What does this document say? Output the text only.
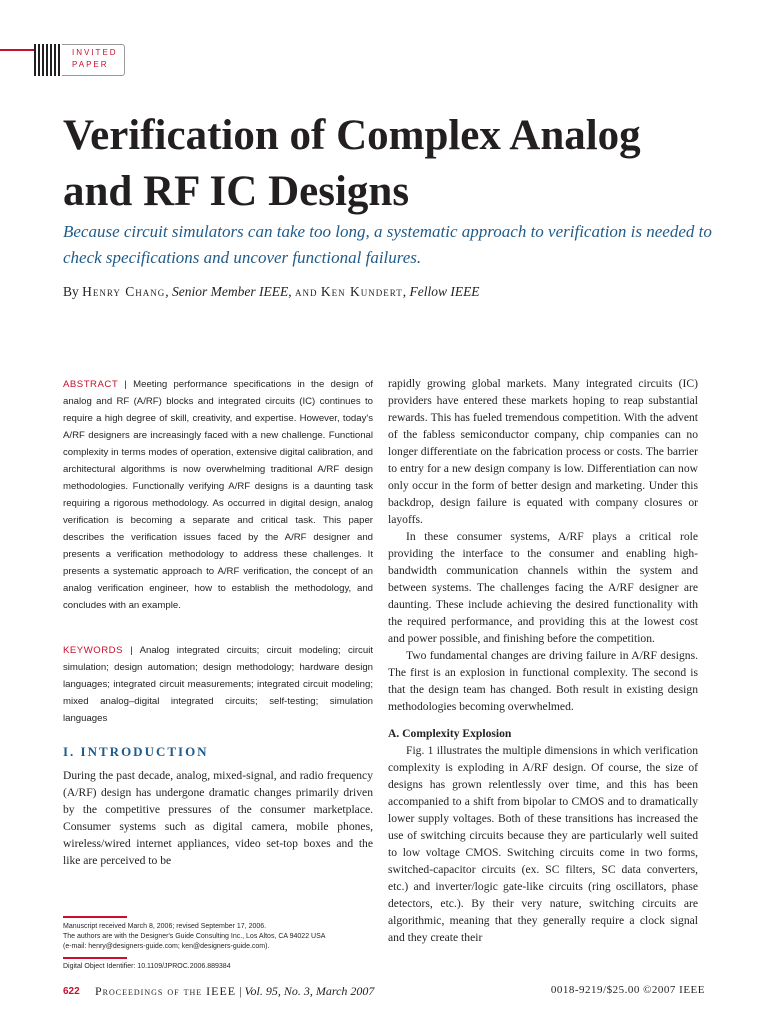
INVITED
PAPER
Verification of Complex Analog
and RF IC Designs
Because circuit simulators can take too long, a systematic approach to verification is needed to check specifications and uncover functional failures.
By Henry Chang, Senior Member IEEE, and Ken Kundert, Fellow IEEE
ABSTRACT | Meeting performance specifications in the design of analog and RF (A/RF) blocks and integrated circuits (IC) continues to require a high degree of skill, creativity, and expertise. However, today's A/RF designers are increasingly faced with a new challenge. Functional complexity in terms modes of operation, extensive digital calibration, and architectural algorithms is now overwhelming traditional A/RF design methodologies. Functionally verifying A/RF designs is a daunting task requiring a rigorous methodology. As occurred in digital design, analog verification is becoming a separate and critical task. This paper describes the verification issues faced by the A/RF designer and presents a verification methodology to address these challenges. It presents a systematic approach to A/RF verification, the concept of an analog verification engineer, how to establish the methodology, and concludes with an example.
KEYWORDS | Analog integrated circuits; circuit modeling; circuit simulation; design automation; design methodology; hardware design languages; integrated circuit measurements; integrated circuit modeling; mixed analog–digital integrated circuits; self-testing; simulation languages
I. INTRODUCTION

During the past decade, analog, mixed-signal, and radio frequency (A/RF) design has undergone dramatic changes primarily driven by the competitive pressures of the consumer marketplace. Consumer systems such as digital camera, mobile phones, wireless/wired internet appliances, video set-top boxes and the like are perceived to be

rapidly growing global markets. Many integrated circuits (IC) providers have entered these markets hoping to reap substantial rewards. This has fueled tremendous competition. With the advent of the fabless semiconductor company, chip companies can no longer differentiate on the fabrication process or costs. The barrier to entry for a new design company is low. Differentiation can now only occur in the form of better design and marketing. Under this backdrop, design failure is equated with company closures or layoffs.

In these consumer systems, A/RF plays a critical role providing the interface to the consumer and enabling high-bandwidth communication channels within the system and between systems. The challenges facing the A/RF designer are daunting. These include achieving the desired functionality with the required performance, and providing this at the lowest cost and power possible, and finishing before the competition.

Two fundamental changes are driving failure in A/RF designs. The first is an explosion in functional complexity. The second is that the design team has changed. Both result in existing design methodologies becoming overwhelmed.

A. Complexity Explosion

Fig. 1 illustrates the multiple dimensions in which verification complexity is exploding in A/RF design. Of course, the size of designs has grown relentlessly over time, and this has been accompanied to a shift from bipolar to CMOS and to dramatically lower supply voltages. Both of these transitions has increased the use of switching circuits because they are particularly well suited to low voltage CMOS. Switching circuits come in two forms, switched-capacitor circuits (ex. SC filters, SC data converters, etc.) and inverter/logic gate-like circuits (ring oscillators, phase detectors, etc.). By their very nature, switching circuits are algorithmic, meaning that they generally require a clock signal and they create their

Manuscript received March 8, 2006; revised September 17, 2006.
The authors are with the Designer's Guide Consulting Inc., Los Altos, CA 94022 USA
(e-mail: henry@designers-guide.com; ken@designers-guide.com).
Digital Object Identifier: 10.1109/JPROC.2006.889384
622 Proceedings of the IEEE | Vol. 95, No. 3, March 2007	0018-9219/$25.00 ©2007 IEEE
